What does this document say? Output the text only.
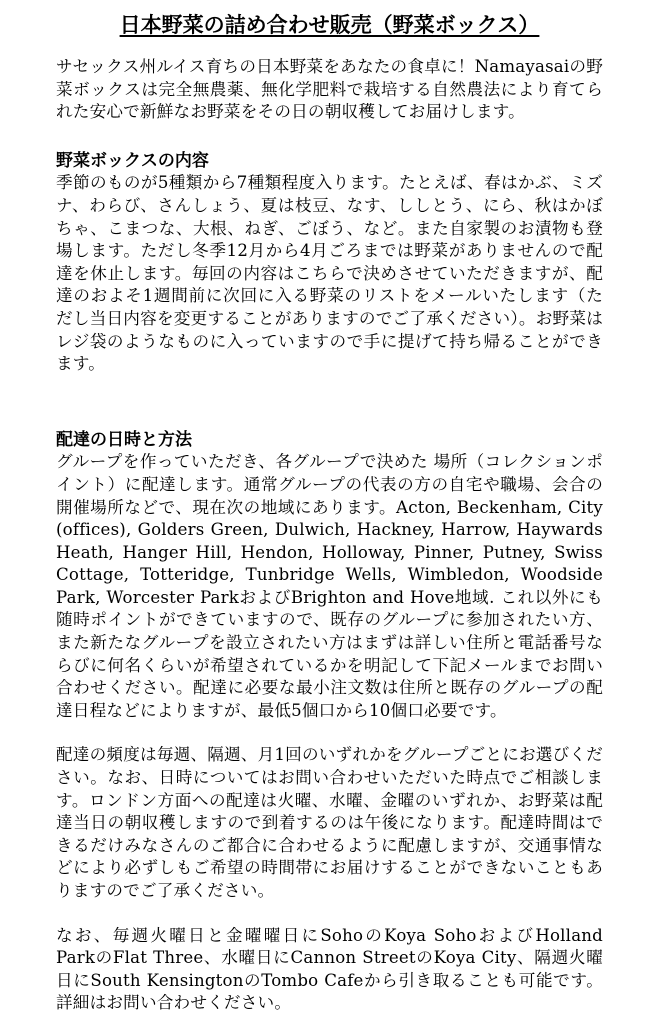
日本野菜の詰め合わせ販売（野菜ボックス）

サセックス州ルイス育ちの日本野菜をあなたの食卓に！Namayasaiの野菜ボックスは完全無農薬、無化学肥料で栽培する自然農法により育てられた安心で新鮮なお野菜をその日の朝収穫してお届けします。

野菜ボックスの内容

季節のものが5種類から7種類程度入ります。たとえば、春はかぶ、ミズナ、わらび、さんしょう、夏は枝豆、なす、ししとう、にら、秋はかぼちゃ、こまつな、大根、ねぎ、ごぼう、など。また自家製のお漬物も登場します。ただし冬季12月から4月ごろまでは野菜がありませんので配達を休止します。毎回の内容はこちらで決めさせていただきますが、配達のおよそ1週間前に次回に入る野菜のリストをメールいたします（ただし当日内容を変更することがありますのでご了承ください）。お野菜はレジ袋のようなものに入っていますので手に提げて持ち帰ることができます。

配達の日時と方法

グループを作っていただき、各グループで決めた 場所（コレクションポイント）に配達します。通常グループの代表の方の自宅や職場、会合の開催場所などで、現在次の地域にあります。Acton, Beckenham, City (offices), Golders Green, Dulwich, Hackney, Harrow, Haywards Heath, Hanger Hill, Hendon, Holloway, Pinner, Putney, Swiss Cottage, Totteridge, Tunbridge Wells, Wimbledon, Woodside Park, Worcester ParkおよびBrighton and Hove地域. これ以外にも随時ポイントができていますので、既存のグループに参加されたい方、また新たなグループを設立されたい方はまずは詳しい住所と電話番号ならびに何名くらいが希望されているかを明記して下記メールまでお問い合わせください。配達に必要な最小注文数は住所と既存のグループの配達日程などによりますが、最低5個口から10個口必要です。

配達の頻度は毎週、隔週、月1回のいずれかをグループごとにお選びください。なお、日時についてはお問い合わせいただいた時点でご相談します。ロンドン方面への配達は火曜、水曜、金曜のいずれか、お野菜は配達当日の朝収穫しますので到着するのは午後になります。配達時間はできるだけみなさんのご都合に合わせるように配慮しますが、交通事情などにより必ずしもご希望の時間帯にお届けすることができないこともありますのでご了承ください。

なお、毎週火曜日と金曜曜日にSohoのKoya SohoおよびHolland ParkのFlat Three、水曜日にCannon StreetのKoya City、隔週火曜日にSouth KensingtonのTombo Cafeから引き取ることも可能です。詳細はお問い合わせください。
